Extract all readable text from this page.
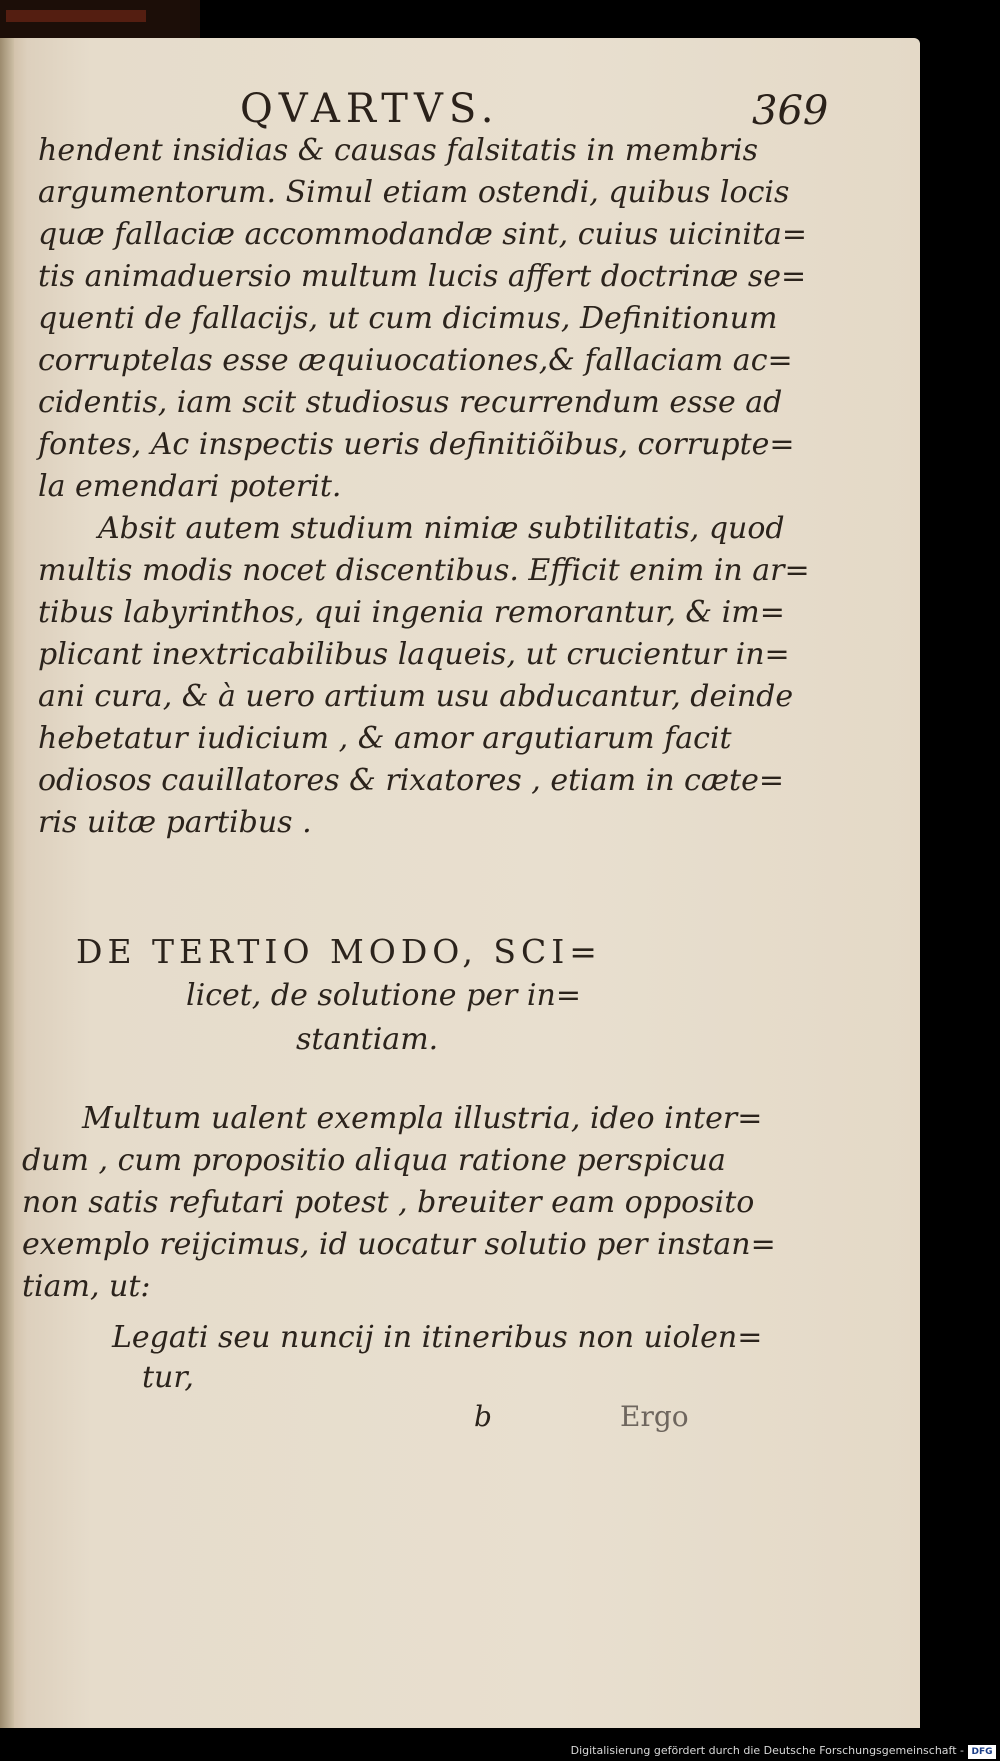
QVARTVS.	369
hendent insidias & causas falsitatis in membris
argumentorum. Simul etiam ostendi, quibus locis
quæ fallaciæ accommodandæ sint, cuius uicinita=
tis animaduersio multum lucis affert doctrinæ se=
quenti de fallacijs, ut cum dicimus, Definitionum
corruptelas esse æquiuocationes,& fallaciam ac=
cidentis, iam scit studiosus recurrendum esse ad
fontes, Ac inspectis ueris definitiõibus, corrupte=
la emendari poterit.
Absit autem studium nimiæ subtilitatis, quod
multis modis nocet discentibus. Efficit enim in ar=
tibus labyrinthos, qui ingenia remorantur, & im=
plicant inextricabilibus laqueis, ut crucientur in=
ani cura, & à uero artium usu abducantur, deinde
hebetatur iudicium , & amor argutiarum facit
odiosos cauillatores & rixatores , etiam in cæte=
ris uitæ partibus .
DE TERTIO MODO, SCI=
licet, de solutione per in=
stantiam.
Multum ualent exempla illustria, ideo inter=
dum , cum propositio aliqua ratione perspicua
non satis refutari potest , breuiter eam opposito
exemplo reijcimus, id uocatur solutio per instan=
tiam, ut:
Legati seu nuncij in itineribus non uiolen=
tur,
b	Ergo
Digitalisierung gefördert durch die Deutsche Forschungsgemeinschaft - DFG
